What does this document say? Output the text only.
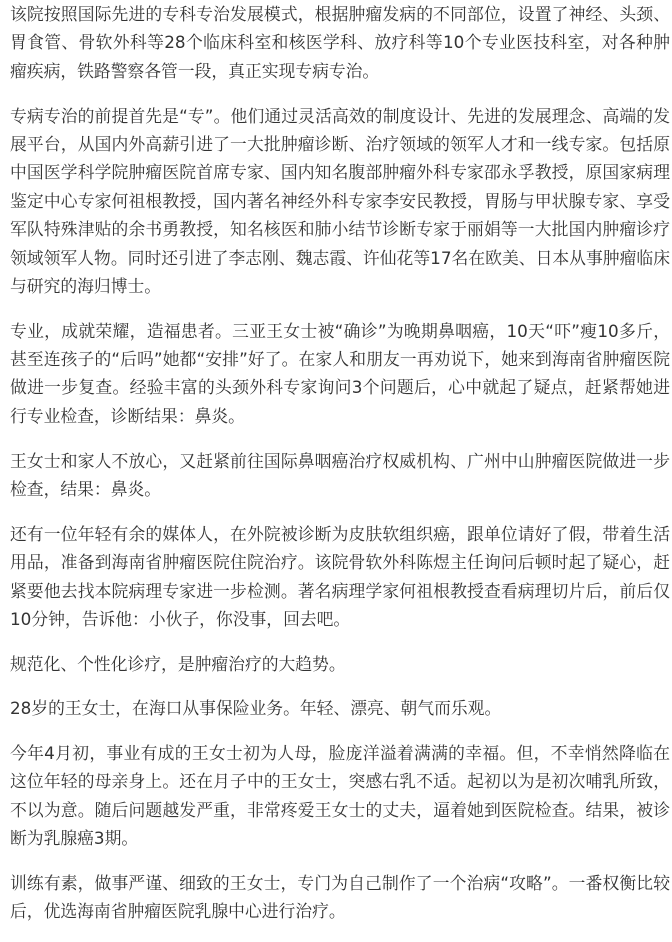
该院按照国际先进的专科专治发展模式，根据肿瘤发病的不同部位，设置了神经、头颈、胃食管、骨软外科等28个临床科室和核医学科、放疗科等10个专业医技科室，对各种肿瘤疾病，铁路警察各管一段，真正实现专病专治。

专病专治的前提首先是“专”。他们通过灵活高效的制度设计、先进的发展理念、高端的发展平台，从国内外高薪引进了一大批肿瘤诊断、治疗领域的领军人才和一线专家。包括原中国医学科学院肿瘤医院首席专家、国内知名腹部肿瘤外科专家邵永孚教授，原国家病理鉴定中心专家何祖根教授，国内著名神经外科专家李安民教授，胃肠与甲状腺专家、享受军队特殊津贴的余书勇教授，知名核医和肺小结节诊断专家于丽娟等一大批国内肿瘤诊疗领域领军人物。同时还引进了李志刚、魏志霞、许仙花等17名在欧美、日本从事肿瘤临床与研究的海归博士。

专业，成就荣耀，造福患者。三亚王女士被“确诊”为晚期鼻咽癌，10天“吓”瘦10多斤，甚至连孩子的“后吗”她都“安排”好了。在家人和朋友一再劝说下，她来到海南省肿瘤医院做进一步复查。经验丰富的头颈外科专家询问3个问题后，心中就起了疑点，赶紧帮她进行专业检查，诊断结果：鼻炎。

王女士和家人不放心，又赶紧前往国际鼻咽癌治疗权威机构、广州中山肿瘤医院做进一步检查，结果：鼻炎。

还有一位年轻有余的媒体人，在外院被诊断为皮肤软组织癌，跟单位请好了假，带着生活用品，准备到海南省肿瘤医院住院治疗。该院骨软外科陈煜主任询问后顿时起了疑心，赶紧要他去找本院病理专家进一步检测。著名病理学家何祖根教授查看病理切片后，前后仅10分钟，告诉他：小伙子，你没事，回去吧。

规范化、个性化诊疗，是肿瘤治疗的大趋势。

28岁的王女士，在海口从事保险业务。年轻、漂亮、朝气而乐观。

今年4月初，事业有成的王女士初为人母，脸庞洋溢着满满的幸福。但，不幸悄然降临在这位年轻的母亲身上。还在月子中的王女士，突感右乳不适。起初以为是初次哺乳所致，不以为意。随后问题越发严重，非常疼爱王女士的丈夫，逼着她到医院检查。结果，被诊断为乳腺癌3期。

训练有素，做事严谨、细致的王女士，专门为自己制作了一个治病“攻略”。一番权衡比较后，优选海南省肿瘤医院乳腺中心进行治疗。
